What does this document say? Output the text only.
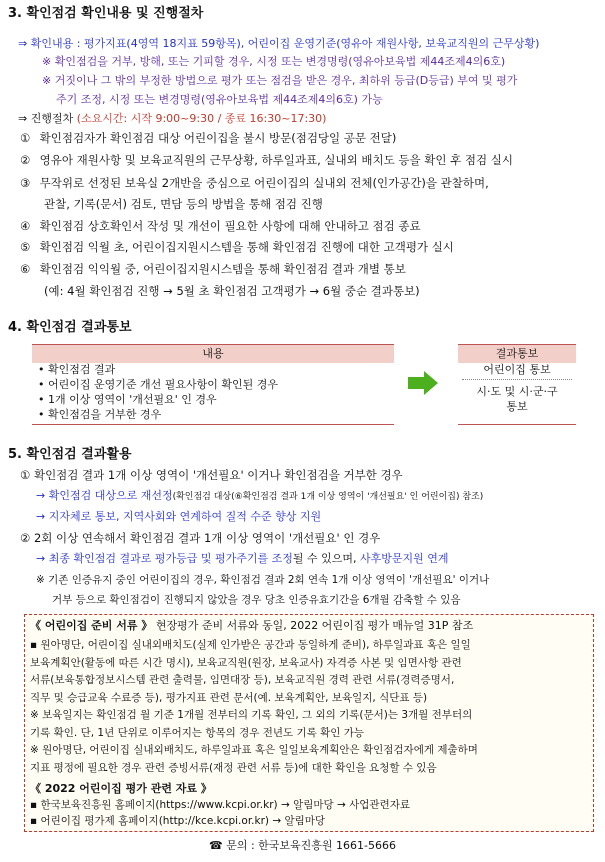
3. 확인점검 확인내용 및 진행절차
⇒ 확인내용 : 평가지표(4영역 18지표 59항목), 어린이집 운영기준(영유아 재원사항, 보육교직원의 근무상황)
※ 확인점검을 거부, 방해, 또는 기피할 경우, 시정 또는 변경명령(영유아보육법 제44조제4의6호)
※ 거짓이나 그 밖의 부정한 방법으로 평가 또는 점검을 받은 경우, 최하위 등급(D등급) 부여 및 평가
주기 조정, 시정 또는 변경명령(영유아보육법 제44조제4의6호) 가능
⇒ 진행절차 (소요시간: 시작 9:00~9:30 / 종료 16:30~17:30)
① 확인점검자가 확인점검 대상 어린이집을 불시 방문(점검당일 공문 전달)
② 영유아 재원사항 및 보육교직원의 근무상황, 하루일과표, 실내외 배치도 등을 확인 후 점검 실시
③ 무작위로 선정된 보육실 2개반을 중심으로 어린이집의 실내외 전체(인가공간)을 관찰하며,
관찰, 기록(문서) 검토, 면담 등의 방법을 통해 점검 진행
④ 확인점검 상호확인서 작성 및 개선이 필요한 사항에 대해 안내하고 점검 종료
⑤ 확인점검 익월 초, 어린이집지원시스템을 통해 확인점검 진행에 대한 고객평가 실시
⑥ 확인점검 익익월 중, 어린이집지원시스템을 통해 확인점검 결과 개별 통보
(예: 4월 확인점검 진행 → 5월 초 확인점검 고객평가 → 6월 중순 결과통보)
4. 확인점검 결과통보
내용
• 확인점검 결과
• 어린이집 운영기준 개선 필요사항이 확인된 경우
• 1개 이상 영역이 '개선필요' 인 경우
• 확인점검을 거부한 경우
결과통보
어린이집 통보
시·도 및 시·군·구
통보
5. 확인점검 결과활용
① 확인점검 결과 1개 이상 영역이 '개선필요' 이거나 확인점검을 거부한 경우
→ 확인점검 대상으로 재선정(확인점검 대상(⑥확인점검 결과 1개 이상 영역이 '개선필요' 인 어린이집) 참조)
→ 지자체로 통보, 지역사회와 연계하여 질적 수준 향상 지원
② 2회 이상 연속해서 확인점검 결과 1개 이상 영역이 '개선필요' 인 경우
→ 최종 확인점검 결과로 평가등급 및 평가주기를 조정될 수 있으며, 사후방문지원 연계
※ 기존 인증유지 중인 어린이집의 경우, 확인점검 결과 2회 연속 1개 이상 영역이 '개선필요' 이거나
거부 등으로 확인점검이 진행되지 않았을 경우 당초 인증유효기간을 6개월 감축할 수 있음
《 어린이집 준비 서류 》 현장평가 준비 서류와 동일, 2022 어린이집 평가 매뉴얼 31P 참조
▪ 원아명단, 어린이집 실내외배치도(실제 인가받은 공간과 동일하게 준비), 하루일과표 혹은 일일
보육계획안(활동에 따른 시간 명시), 보육교직원(원장, 보육교사) 자격증 사본 및 임면사항 관련
서류(보육통합정보시스템 관련 출력물, 임면대장 등), 보육교직원 경력 관련 서류(경력증명서,
직무 및 승급교육 수료증 등), 평가지표 관련 문서(예. 보육계획안, 보육일지, 식단표 등)
※ 보육일지는 확인점검 월 기준 1개월 전부터의 기록 확인, 그 외의 기록(문서)는 3개월 전부터의
기록 확인. 단, 1년 단위로 이루어지는 항목의 경우 전년도 기록 확인 가능
※ 원아명단, 어린이집 실내외배치도, 하루일과표 혹은 일일보육계획안은 확인점검자에게 제출하며
지표 평정에 필요한 경우 관련 증빙서류(재정 관련 서류 등)에 대한 확인을 요청할 수 있음
《 2022 어린이집 평가 관련 자료 》
▪ 한국보육진흥원 홈페이지(https://www.kcpi.or.kr) → 알림마당 → 사업관련자료
▪ 어린이집 평가제 홈페이지(http://kce.kcpi.or.kr) → 알림마당
☎ 문의 : 한국보육진흥원 1661-5666
